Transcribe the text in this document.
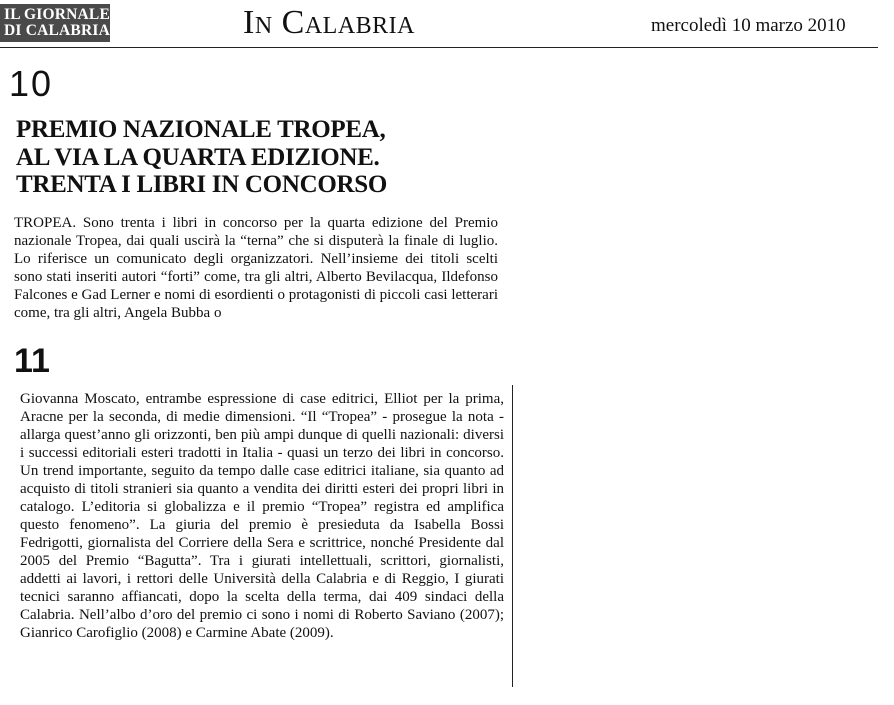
IL GIORNALE
DI CALABRIA	In Calabria	mercoledì 10 marzo 2010
10
PREMIO NAZIONALE TROPEA,
AL VIA LA QUARTA EDIZIONE.
TRENTA I LIBRI IN CONCORSO

TROPEA. Sono trenta i libri in concorso per la quarta edizione del Premio nazionale Tropea, dai quali uscirà la “terna” che si disputerà la finale di luglio. Lo riferisce un comunicato degli organizzatori. Nell’insieme dei titoli scelti sono stati inseriti autori “forti” come, tra gli altri, Alberto Bevilacqua, Ildefonso Falcones e Gad Lerner e nomi di esordienti o protagonisti di piccoli casi letterari come, tra gli altri, Angela Bubba o

11

Giovanna Moscato, entrambe espressione di case editrici, Elliot per la prima, Aracne per la seconda, di medie dimensioni. “Il “Tropea” - prosegue la nota - allarga quest’anno gli orizzonti, ben più ampi dunque di quelli nazionali: diversi i successi editoriali esteri tradotti in Italia - quasi un terzo dei libri in concorso. Un trend importante, seguito da tempo dalle case editrici italiane, sia quanto ad acquisto di titoli stranieri sia quanto a vendita dei diritti esteri dei propri libri in catalogo. L’editoria si globalizza e il premio “Tropea” registra ed amplifica questo fenomeno”. La giuria del premio è presieduta da Isabella Bossi Fedrigotti, giornalista del Corriere della Sera e scrittrice, nonché Presidente dal 2005 del Premio “Bagutta”. Tra i giurati intellettuali, scrittori, giornalisti, addetti ai lavori, i rettori delle Università della Calabria e di Reggio, I giurati tecnici saranno affiancati, dopo la scelta della terma, dai 409 sindaci della Calabria. Nell’albo d’oro del premio ci sono i nomi di Roberto Saviano (2007); Gianrico Carofiglio (2008) e Carmine Abate (2009).
